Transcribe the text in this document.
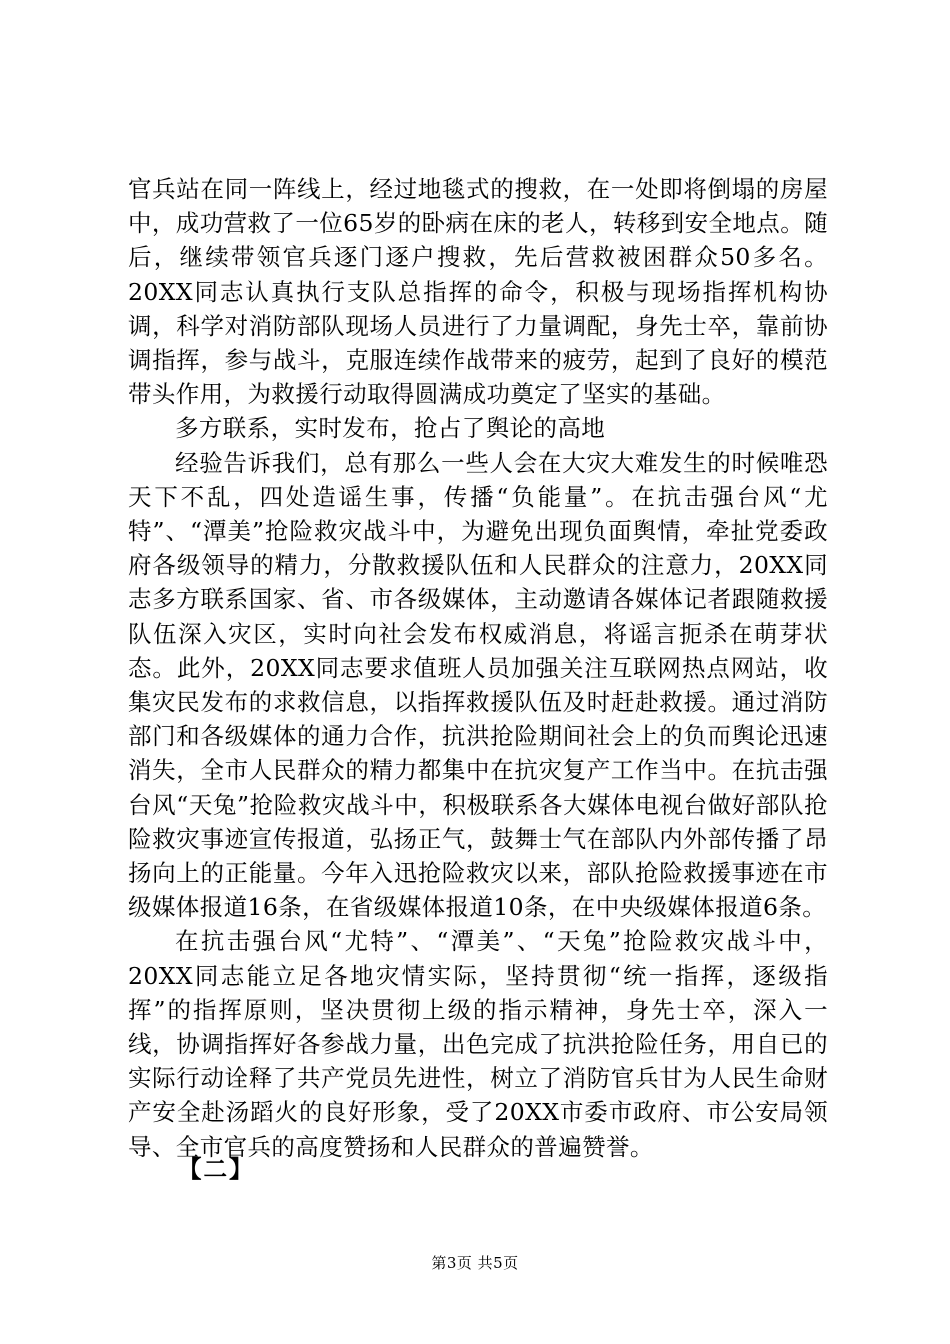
官兵站在同一阵线上，经过地毯式的搜救，在一处即将倒塌的房屋中，成功营救了一位65岁的卧病在床的老人，转移到安全地点。随后，继续带领官兵逐门逐户搜救，先后营救被困群众50多名。20XX同志认真执行支队总指挥的命令，积极与现场指挥机构协调，科学对消防部队现场人员进行了力量调配，身先士卒，靠前协调指挥，参与战斗，克服连续作战带来的疲劳，起到了良好的模范带头作用，为救援行动取得圆满成功奠定了坚实的基础。

多方联系，实时发布，抢占了舆论的高地

经验告诉我们，总有那么一些人会在大灾大难发生的时候唯恐天下不乱，四处造谣生事，传播“负能量”。在抗击强台风“尤特”、“潭美”抢险救灾战斗中，为避免出现负面舆情，牵扯党委政府各级领导的精力，分散救援队伍和人民群众的注意力，20XX同志多方联系国家、省、市各级媒体，主动邀请各媒体记者跟随救援队伍深入灾区，实时向社会发布权威消息，将谣言扼杀在萌芽状态。此外，20XX同志要求值班人员加强关注互联网热点网站，收集灾民发布的求救信息，以指挥救援队伍及时赶赴救援。通过消防部门和各级媒体的通力合作，抗洪抢险期间社会上的负而舆论迅速消失，全市人民群众的精力都集中在抗灾复产工作当中。在抗击强台风“天兔”抢险救灾战斗中，积极联系各大媒体电视台做好部队抢险救灾事迹宣传报道，弘扬正气，鼓舞士气在部队内外部传播了昂扬向上的正能量。今年入迅抢险救灾以来，部队抢险救援事迹在市级媒体报道16条，在省级媒体报道10条，在中央级媒体报道6条。

在抗击强台风“尤特”、“潭美”、“天兔”抢险救灾战斗中，20XX同志能立足各地灾情实际，坚持贯彻“统一指挥，逐级指挥”的指挥原则，坚决贯彻上级的指示精神，身先士卒，深入一线，协调指挥好各参战力量，出色完成了抗洪抢险任务，用自已的实际行动诠释了共产党员先进性，树立了消防官兵甘为人民生命财产安全赴汤蹈火的良好形象，受了20XX市委市政府、市公安局领导、全市官兵的高度赞扬和人民群众的普遍赞誉。

【二】
第3页 共5页
